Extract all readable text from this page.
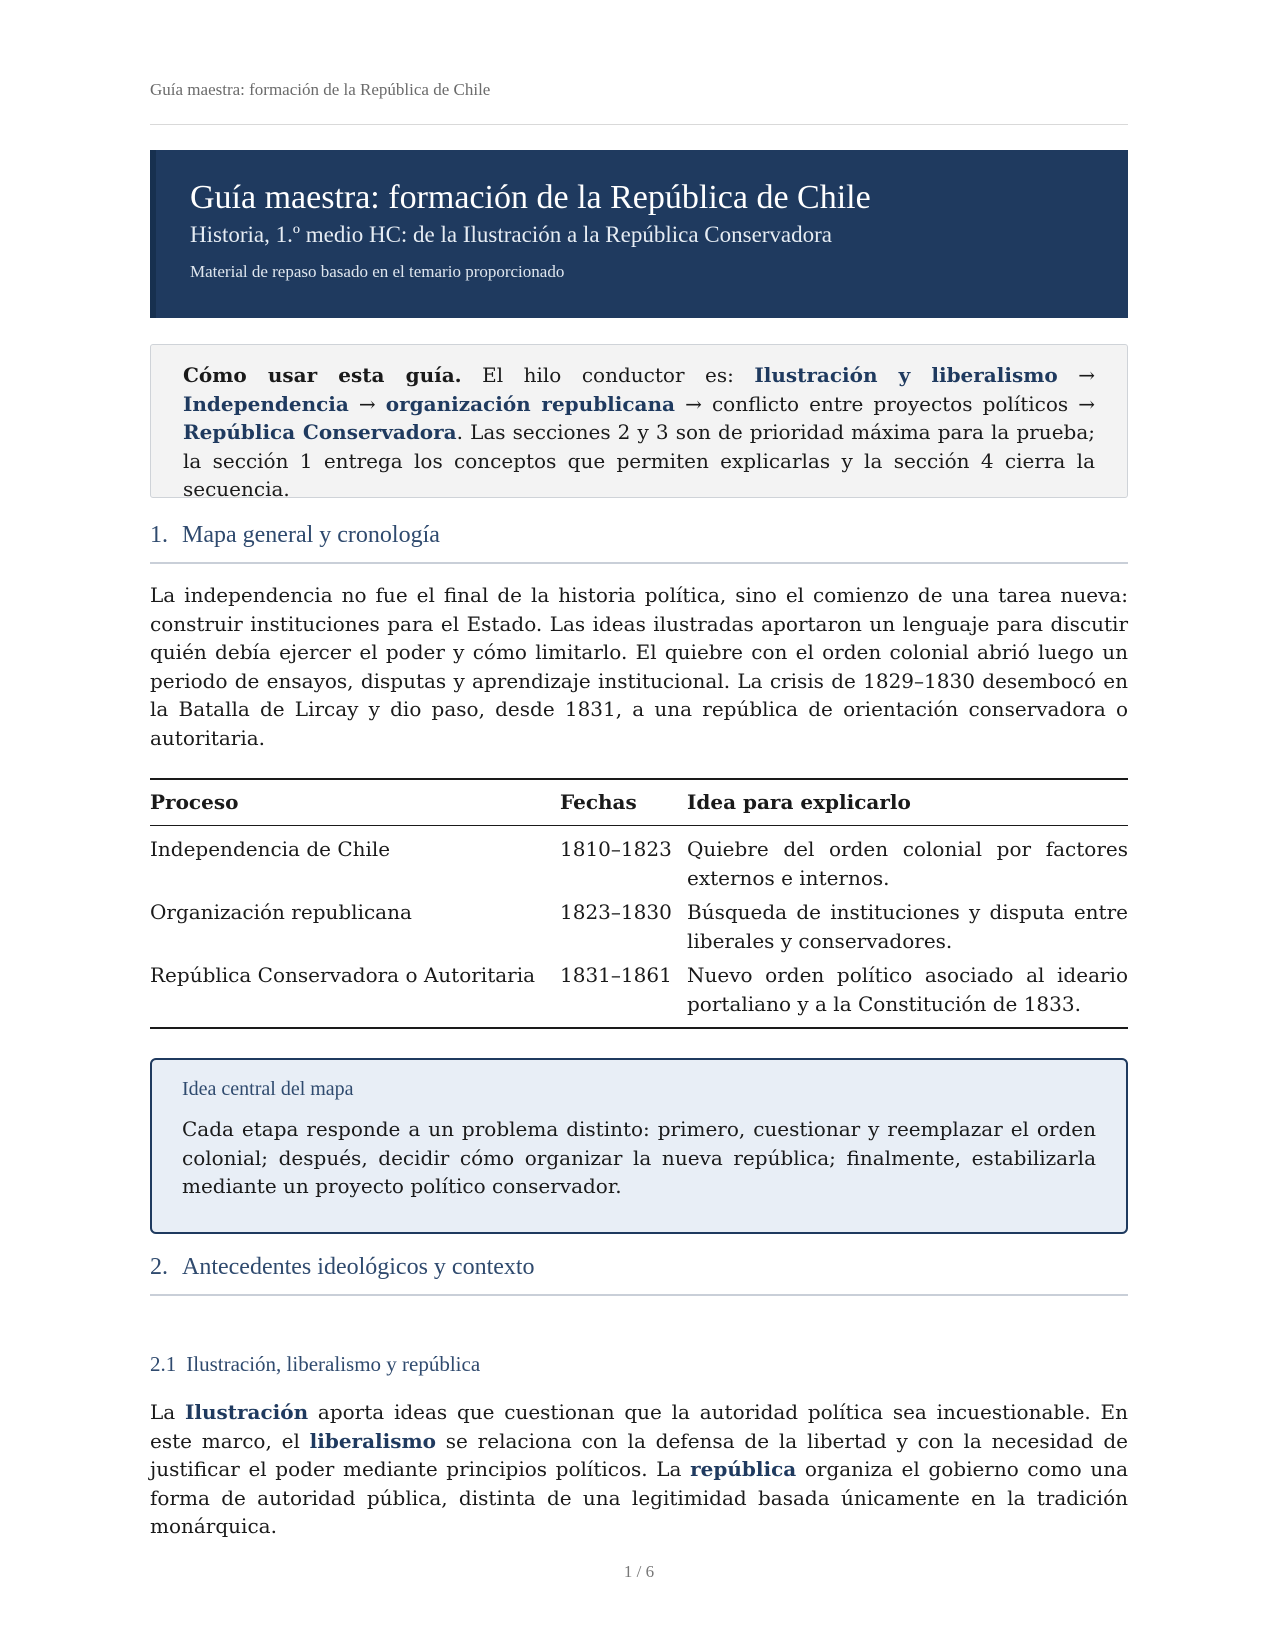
Guía maestra: formación de la República de Chile
Guía maestra: formación de la República de Chile
Historia, 1.º medio HC: de la Ilustración a la República Conservadora
Material de repaso basado en el temario proporcionado

Cómo usar esta guía. El hilo conductor es: Ilustración y liberalismo → Independencia → organización republicana → conflicto entre proyectos políticos → República Conservadora. Las secciones 2 y 3 son de prioridad máxima para la prueba; la sección 1 entrega los conceptos que permiten explicarlas y la sección 4 cierra la secuencia.

1. Mapa general y cronología

La independencia no fue el final de la historia política, sino el comienzo de una tarea nueva: construir instituciones para el Estado. Las ideas ilustradas aportaron un lenguaje para discutir quién debía ejercer el poder y cómo limitarlo. El quiebre con el orden colonial abrió luego un periodo de ensayos, disputas y aprendizaje institucional. La crisis de 1829–1830 desembocó en la Batalla de Lircay y dio paso, desde 1831, a una república de orientación conservadora o autoritaria.

Proceso	Fechas	Idea para explicarlo
Independencia de Chile	1810–1823 Quiebre del orden colonial por factores externos e internos.
Organización republicana	1823–1830 Búsqueda de instituciones y disputa entre liberales y conservadores.
República Conservadora o Autoritaria	1831–1861 Nuevo orden político asociado al ideario portaliano y a la Constitución de 1833.
Idea central del mapa

Cada etapa responde a un problema distinto: primero, cuestionar y reemplazar el orden colonial; después, decidir cómo organizar la nueva república; finalmente, estabilizarla mediante un proyecto político conservador.

2. Antecedentes ideológicos y contexto
2.1 Ilustración, liberalismo y república

La Ilustración aporta ideas que cuestionan que la autoridad política sea incuestionable. En este marco, el liberalismo se relaciona con la defensa de la libertad y con la necesidad de justificar el poder mediante principios políticos. La república organiza el gobierno como una forma de autoridad pública, distinta de una legitimidad basada únicamente en la tradición monárquica.

1 / 6
